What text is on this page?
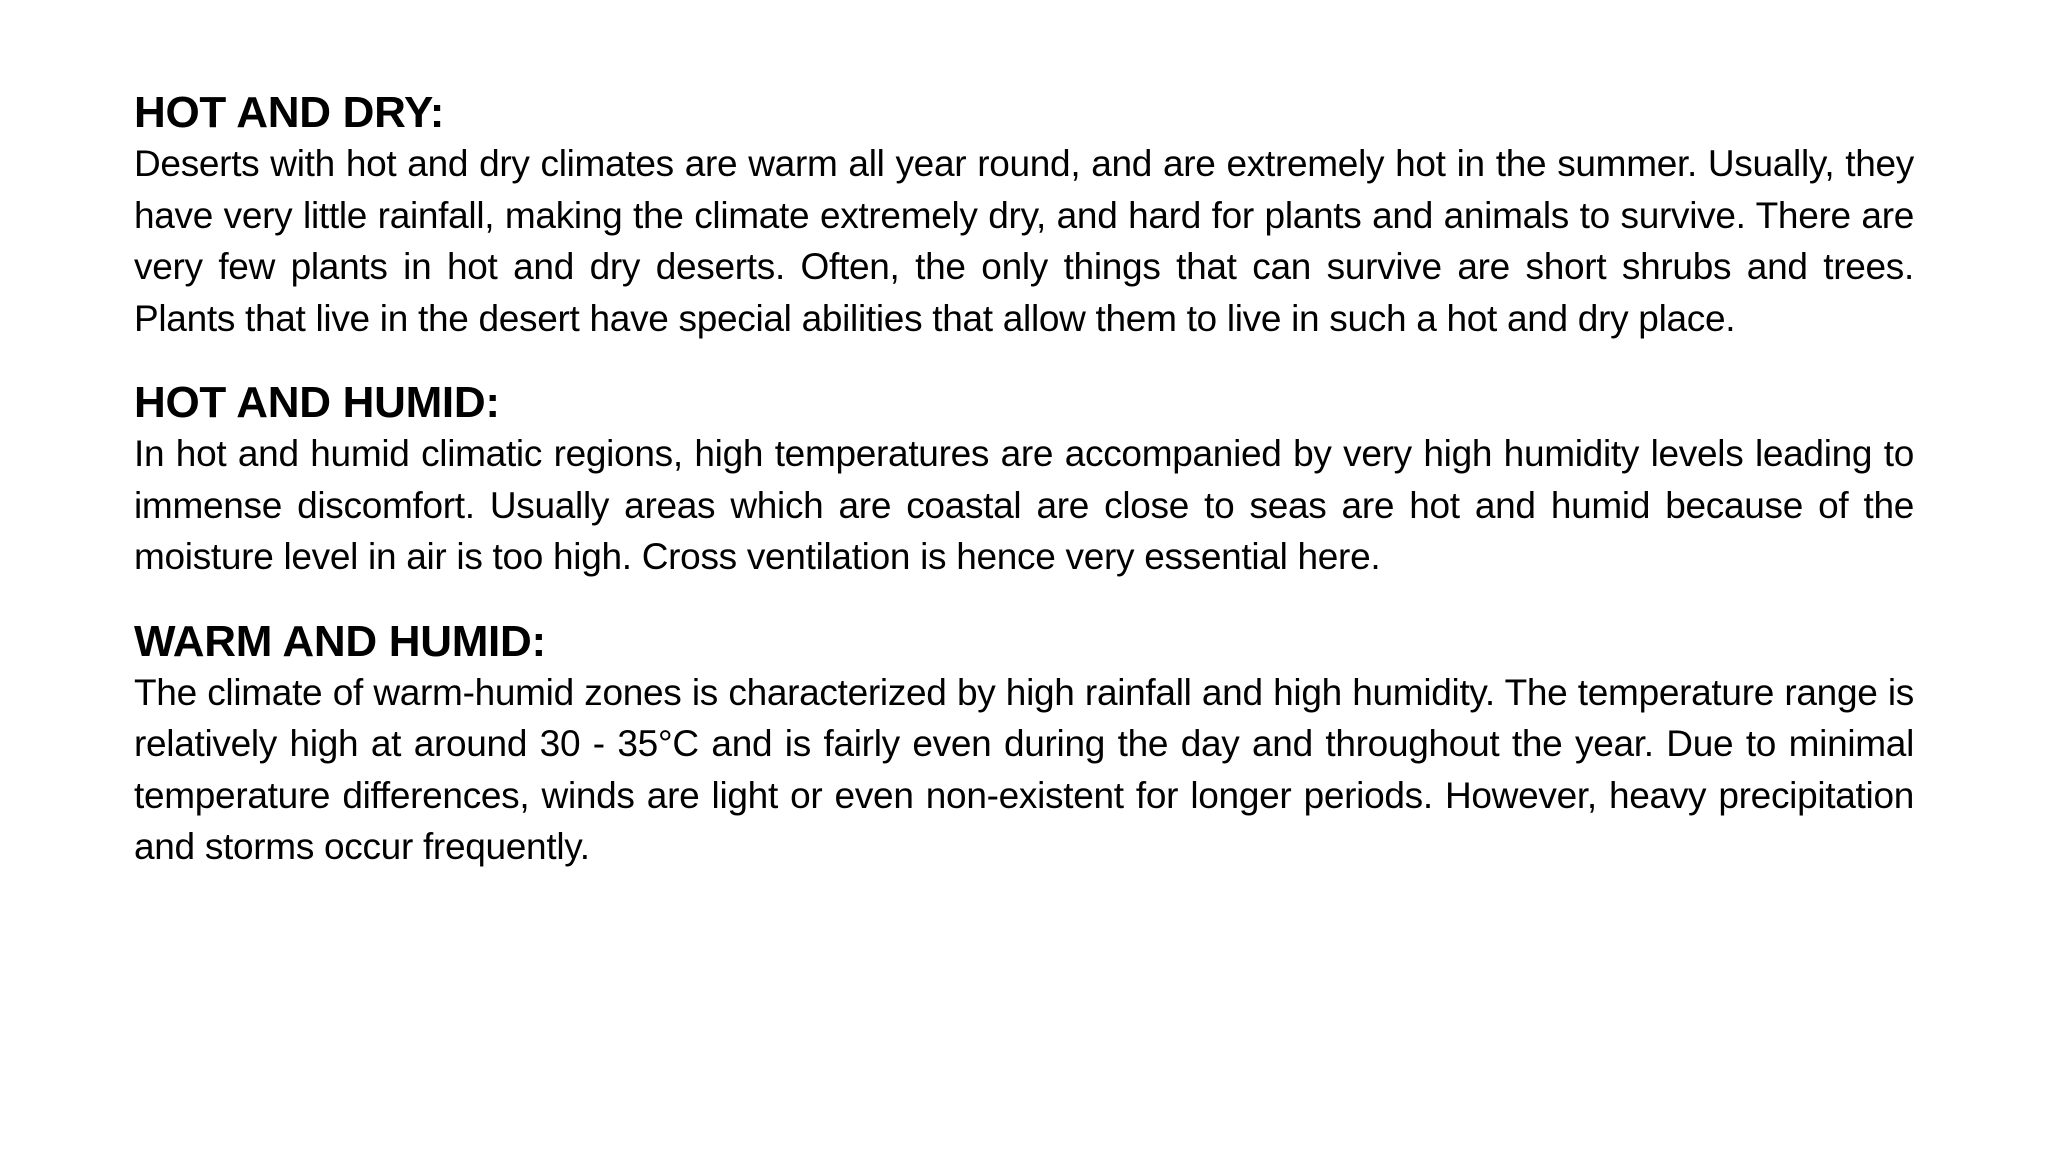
HOT AND DRY:

Deserts with hot and dry climates are warm all year round, and are extremely hot in the summer. Usually, they have very little rainfall, making the climate extremely dry, and hard for plants and animals to survive. There are very few plants in hot and dry deserts. Often, the only things that can survive are short shrubs and trees. Plants that live in the desert have special abilities that allow them to live in such a hot and dry place.

HOT AND HUMID:

In hot and humid climatic regions, high temperatures are accompanied by very high humidity levels leading to immense discomfort. Usually areas which are coastal are close to seas are hot and humid because of the moisture level in air is too high. Cross ventilation is hence very essential here.

WARM AND HUMID:

The climate of warm-humid zones is characterized by high rainfall and high humidity. The temperature range is relatively high at around 30 - 35°C and is fairly even during the day and throughout the year. Due to minimal temperature differences, winds are light or even non-existent for longer periods. However, heavy precipitation and storms occur frequently.
